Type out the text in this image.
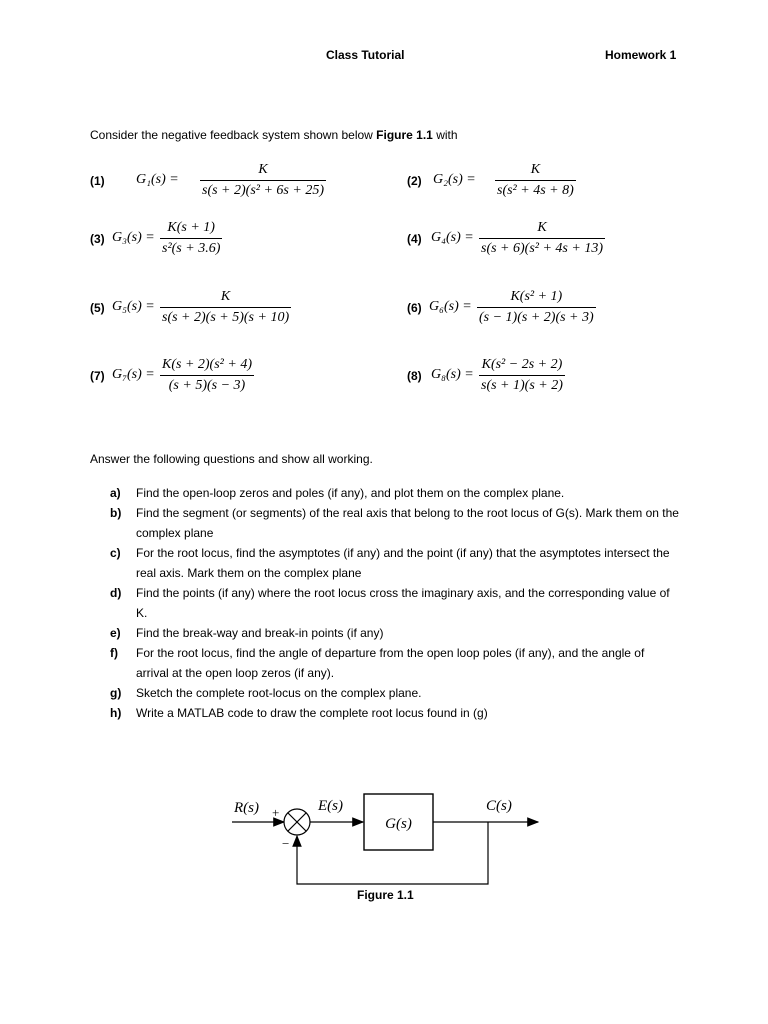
Class Tutorial	Homework 1
Consider the negative feedback system shown below Figure 1.1 with
(1) $G_1(s) = \frac{K}{\text{s(s + 2)(s² + 6s + 25)}}$	(2) $G_2(s) = \frac{K}{\text{s(s² + 4s + 8)}}$
(3) $G_3(s) = \frac{K(s + 1)}{\text{s²(s + 3.6)}}$	(4) $G_4(s) = \frac{K}{\text{s(s + 6)(s² + 4s + 13)}}$
(5) $G_5(s) = \frac{K}{s(s + 2)(s + 5)(s + 10)}$	(6) $G_6(s) = \frac{\text{K(s² + 1)}}{(s - 1)(s + 2)(s + 3)}$
(7) $G_7(s) = \frac{\text{K(s + 2)(s² + 4)}}{(s + 5)(s - 3)}$	(8) $G_8(s) = \frac{\text{K(s² − 2s + 2)}}{s(s + 1)(s + 2)}$
Answer the following questions and show all working.
a)	Find the open-loop zeros and poles (if any), and plot them on the complex plane.
b)	Find the segment (or segments) of the real axis that belong to the root locus of G(s). Mark them on the complex plane
c)	For the root locus, find the asymptotes (if any) and the point (if any) that the asymptotes intersect the real axis. Mark them on the complex plane
d)	Find the points (if any) where the root locus cross the imaginary axis, and the corresponding value of K.
e)	Find the break-way and break-in points (if any)
f)	For the root locus, find the angle of departure from the open loop poles (if any), and the angle of arrival at the open loop zeros (if any).
g)	Sketch the complete root-locus on the complex plane.
h)	Write a MATLAB code to draw the complete root locus found in (g)
R(s) +
−
E(s)
G(s)
C(s)
Figure 1.1
